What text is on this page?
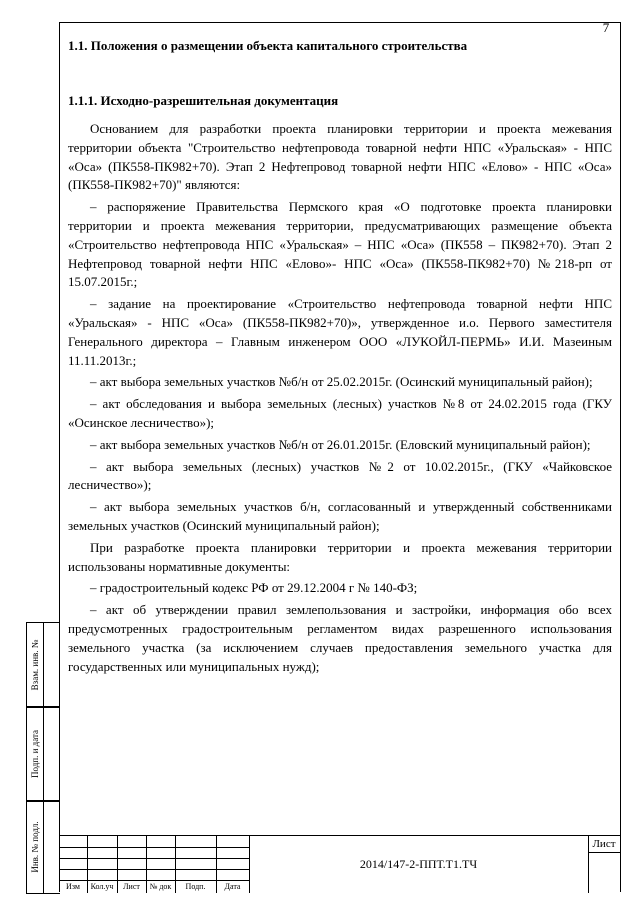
7
1.1. Положения о размещении объекта капитального строительства
1.1.1. Исходно-разрешительная документация

Основанием для разработки проекта планировки территории и проекта межевания территории объекта "Строительство нефтепровода товарной нефти НПС «Уральская» - НПС «Оса» (ПК558-ПК982+70). Этап 2 Нефтепровод товарной нефти НПС «Елово» - НПС «Оса» (ПК558-ПК982+70)" являются:

– распоряжение Правительства Пермского края «О подготовке проекта планировки территории и проекта межевания территории, предусматривающих размещение объекта «Строительство нефтепровода НПС «Уральская» – НПС «Оса» (ПК558 – ПК982+70). Этап 2 Нефтепровод товарной нефти НПС «Елово»- НПС «Оса» (ПК558-ПК982+70) №218-рп от 15.07.2015г.;

– задание на проектирование «Строительство нефтепровода товарной нефти НПС «Уральская» - НПС «Оса» (ПК558-ПК982+70)», утвержденное и.о. Первого заместителя Генерального директора – Главным инженером ООО «ЛУКОЙЛ-ПЕРМЬ» И.И. Мазеиным 11.11.2013г.;

– акт выбора земельных участков №б/н от 25.02.2015г. (Осинский муниципальный район);

– акт обследования и выбора земельных (лесных) участков №8 от 24.02.2015 года (ГКУ «Осинское лесничество»);

– акт выбора земельных участков №б/н от 26.01.2015г. (Еловский муниципальный район);

– акт выбора земельных (лесных) участков №2 от 10.02.2015г., (ГКУ «Чайковское лесничество»);

– акт выбора земельных участков б/н, согласованный и утвержденный собственниками земельных участков (Осинский муниципальный район);

При разработке проекта планировки территории и проекта межевания территории использованы нормативные документы:

– градостроительный кодекс РФ от 29.12.2004 г № 140-ФЗ;

– акт об утверждении правил землепользования и застройки, информация обо всех предусмотренных градостроительным регламентом видах разрешенного использования земельного участка (за исключением случаев предоставления земельного участка для государственных или муниципальных нужд);

Взам. инв. №
Подп. и дата
Инв. № подл.
Изм	Кол.уч	Лист	№ док	Подп.	Дата
2014/147-2-ППТ.Т1.ТЧ
Лист
